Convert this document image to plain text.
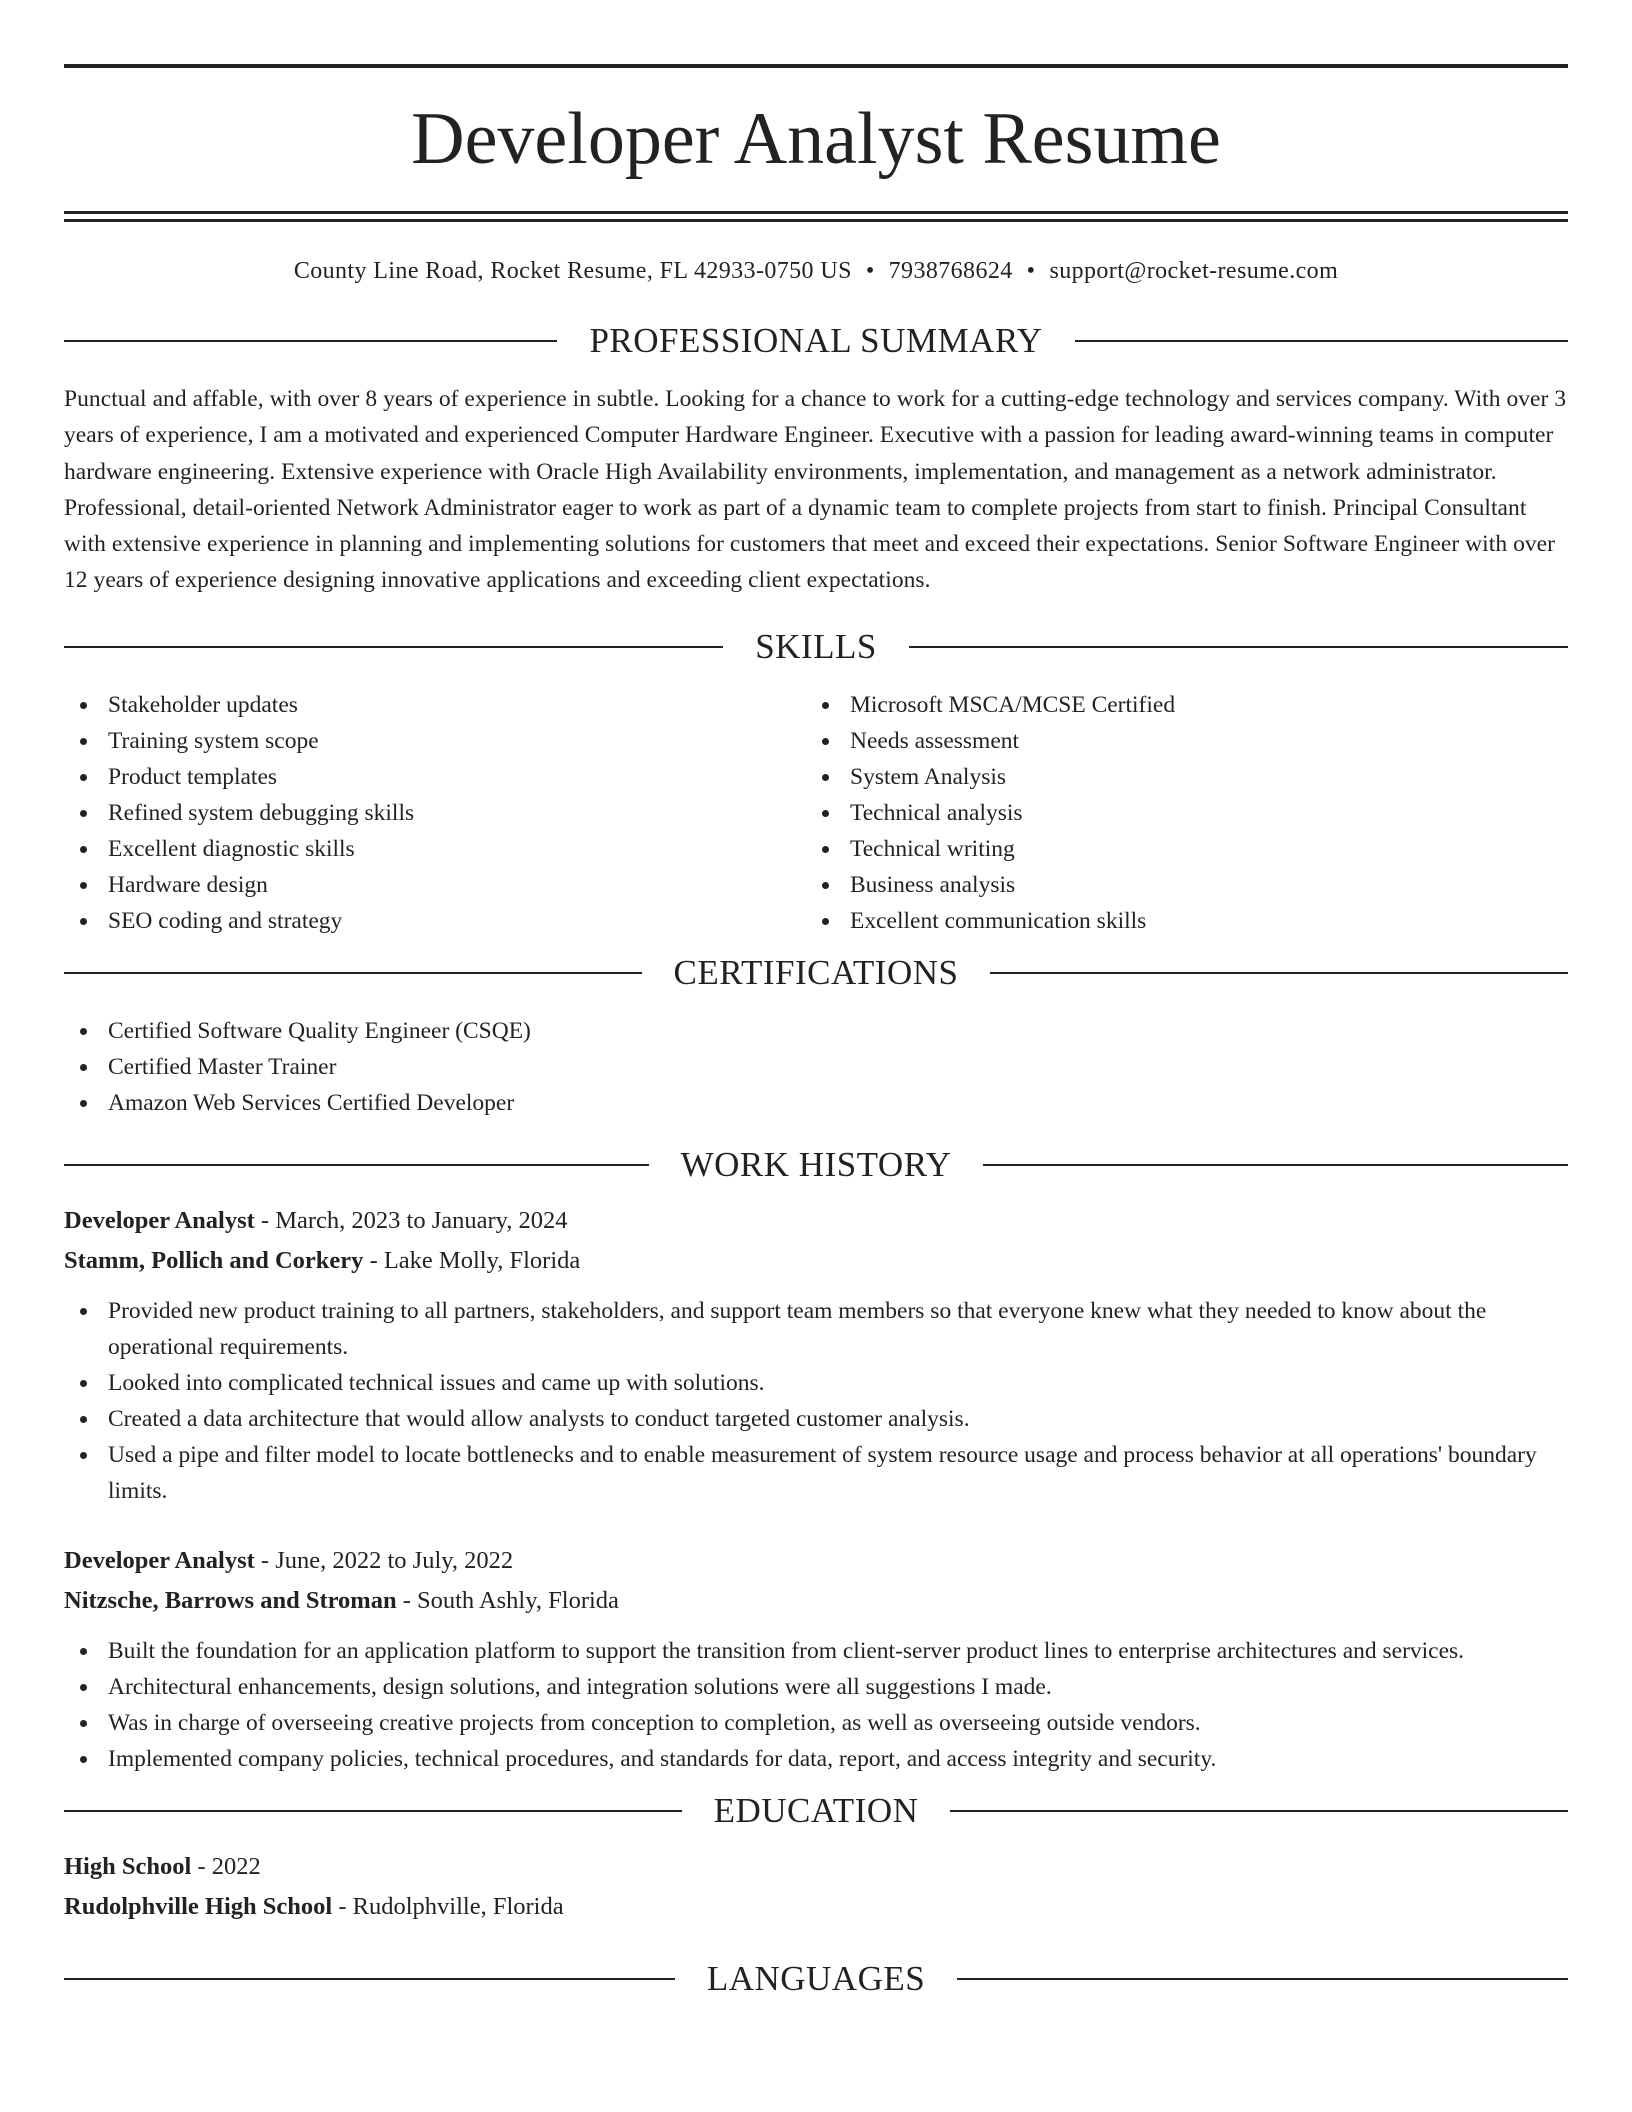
Developer Analyst Resume
County Line Road, Rocket Resume, FL 42933-0750 US • 7938768624 • support@rocket-resume.com
PROFESSIONAL SUMMARY

Punctual and affable, with over 8 years of experience in subtle. Looking for a chance to work for a cutting-edge technology and services company. With over 3 years of experience, I am a motivated and experienced Computer Hardware Engineer. Executive with a passion for leading award-winning teams in computer hardware engineering. Extensive experience with Oracle High Availability environments, implementation, and management as a network administrator. Professional, detail-oriented Network Administrator eager to work as part of a dynamic team to complete projects from start to finish. Principal Consultant with extensive experience in planning and implementing solutions for customers that meet and exceed their expectations. Senior Software Engineer with over 12 years of experience designing innovative applications and exceeding client expectations.

SKILLS
Stakeholder updates
Training system scope
Product templates
Refined system debugging skills
Excellent diagnostic skills
Hardware design
SEO coding and strategy
Microsoft MSCA/MCSE Certified
Needs assessment
System Analysis
Technical analysis
Technical writing
Business analysis
Excellent communication skills
CERTIFICATIONS
Certified Software Quality Engineer (CSQE)
Certified Master Trainer
Amazon Web Services Certified Developer
WORK HISTORY
Developer Analyst - March, 2023 to January, 2024
Stamm, Pollich and Corkery - Lake Molly, Florida
Provided new product training to all partners, stakeholders, and support team members so that everyone knew what they needed to know about the operational requirements.
Looked into complicated technical issues and came up with solutions.
Created a data architecture that would allow analysts to conduct targeted customer analysis.
Used a pipe and filter model to locate bottlenecks and to enable measurement of system resource usage and process behavior at all operations' boundary limits.
Developer Analyst - June, 2022 to July, 2022
Nitzsche, Barrows and Stroman - South Ashly, Florida
Built the foundation for an application platform to support the transition from client-server product lines to enterprise architectures and services.
Architectural enhancements, design solutions, and integration solutions were all suggestions I made.
Was in charge of overseeing creative projects from conception to completion, as well as overseeing outside vendors.
Implemented company policies, technical procedures, and standards for data, report, and access integrity and security.
EDUCATION
High School - 2022
Rudolphville High School - Rudolphville, Florida
LANGUAGES
